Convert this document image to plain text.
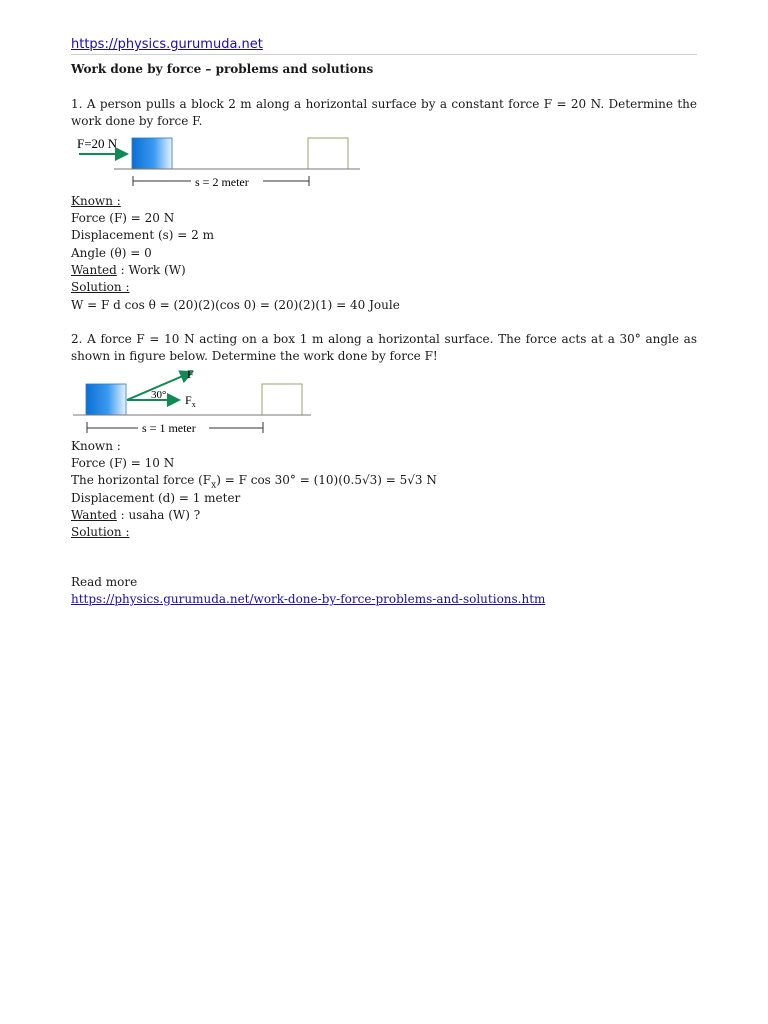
https://physics.gurumuda.net
Work done by force – problems and solutions
1. A person pulls a block 2 m along a horizontal surface by a constant force F = 20 N. Determine the work done by force F.
F=20 N
s = 2 meter
Known :
Force (F) = 20 N
Displacement (s) = 2 m
Angle (θ) = 0
Wanted : Work (W)
Solution :
W = F d cos θ = (20)(2)(cos 0) = (20)(2)(1) = 40 Joule
2. A force F = 10 N acting on a box 1 m along a horizontal surface. The force acts at a 30° angle as shown in figure below. Determine the work done by force F!
F
30° $F_x$
s = 1 meter
Known :
Force (F) = 10 N
The horizontal force $(F_x) = F$ cos 30° = (10)(0.5√3) = 5√3 N
Displacement (d) = 1 meter
Wanted : usaha (W) ?
Solution :
Read more
https://physics.gurumuda.net/work-done-by-force-problems-and-solutions.htm
